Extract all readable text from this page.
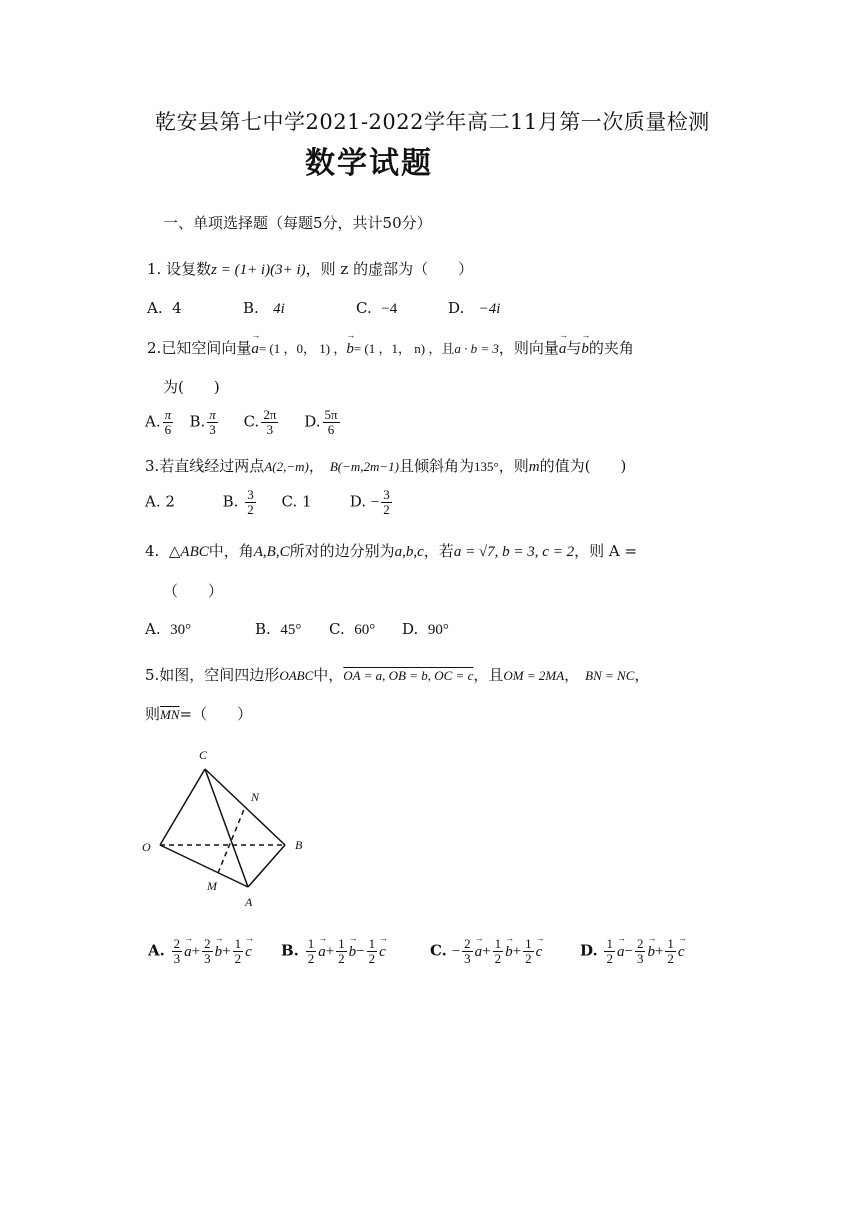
乾安县第七中学2021-2022学年高二11月第一次质量检测
数学试题
一、单项选择题（每题5分，共计50分）
1. 设复数z = (1+ i)(3+ i)，则 z 的虚部为（　　）
A. 4	B. 4i	C. −4	D. −4i
2.已知空间向量→ a= (1 ，0， 1) ，→ b= (1 ，1， n) ，且a · b = 3，则向量→ a与→ b的夹角
为(　　)
A. $\frac{\pi}{6} B$. $\frac{\pi}{3} C$. $\frac{2\pi}{3} D$. $\frac{5\pi}{6}$
3.若直线经过两点A(2,−m)， B(−m,2m−1)且倾斜角为135°，则m的值为(　　)
A. 2	B. $\frac{3}{2} C$. 1	D. − $\frac{3}{2}$
4. △ABC中，角A,B,C所对的边分别为a,b,c，若a = √7, b = 3, c = 2，则 A =
（　　）
A. 30°	B. 45° C. 60° D. 90°
5.如图，空间四边形OABC中，OA = a, OB = b, OC = c，且OM = 2MA， BN = NC，
则$\overline{MN}=$（　　）
C
N
O	B
M
A
A. $\frac{2}{3} \to a+ \frac{2}{3} \to b+ \frac{1}{2} \to c$ B. $\frac{1}{2} \to a+ \frac{1}{2} \to b- \frac{1}{2} \to c$	C. − $\frac{2}{3} \to a+ \frac{1}{2} \to b+ \frac{1}{2} \to c$	D. $\frac{1}{2} \to a- \frac{2}{3} \to b+ \frac{1}{2} \to c$
